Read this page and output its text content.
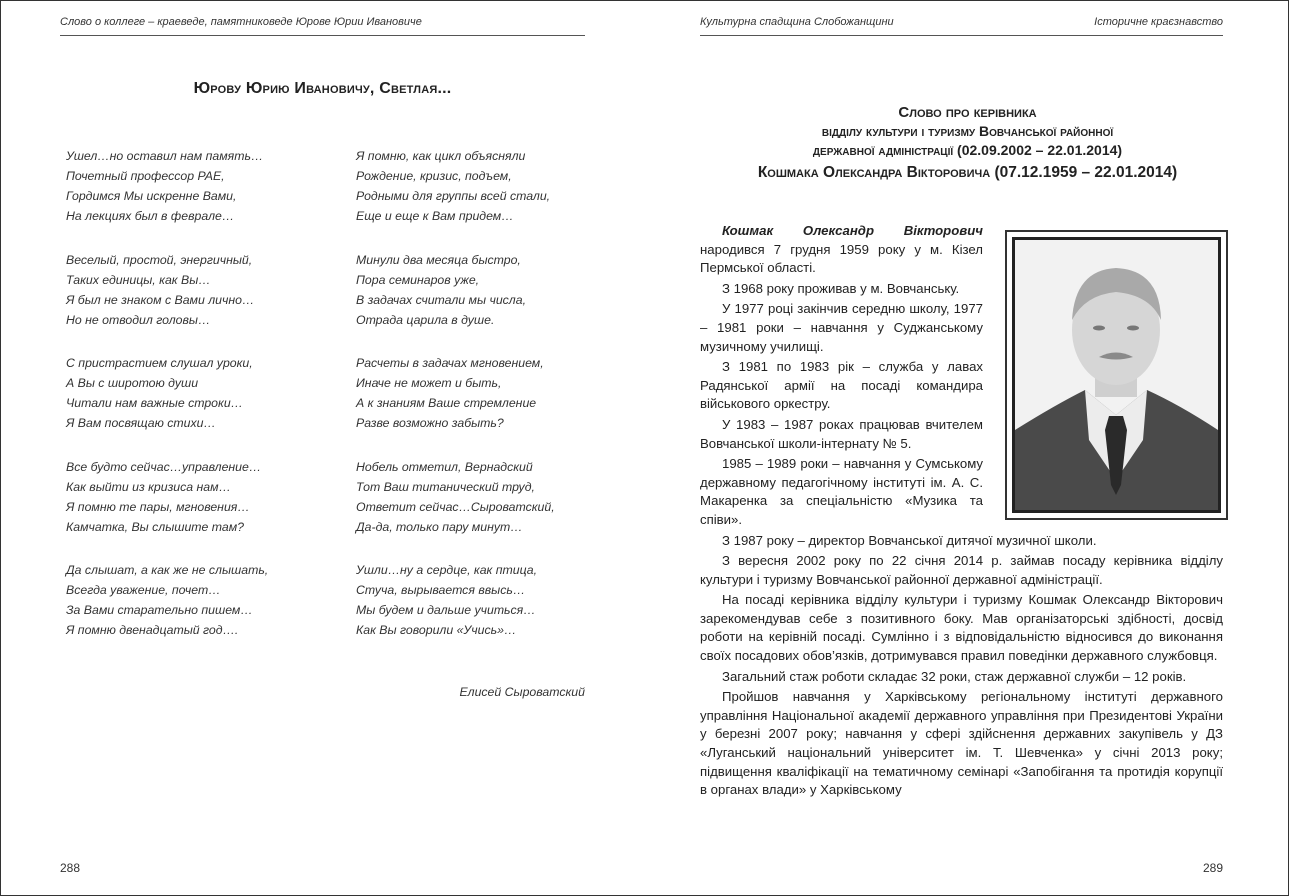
Слово о коллеге – краеведе, памятниковеде Юрове Юрии Ивановиче
Юрову Юрию Ивановичу, Светлая...
Ушел…но оставил нам память…
Почетный профессор РАЕ,
Гордимся Мы искренне Вами,
На лекциях был в феврале…
Веселый, простой, энергичный,
Таких единицы, как Вы…
Я был не знаком с Вами лично…
Но не отводил головы…
С пристрастием слушал уроки,
А Вы с широтою души
Читали нам важные строки…
Я Вам посвящаю стихи…
Все будто сейчас…управление…
Как выйти из кризиса нам…
Я помню те пары, мгновения…
Камчатка, Вы слышите там?
Да слышат, а как же не слышать,
Всегда уважение, почет…
За Вами старательно пишем…
Я помню двенадцатый год….
Я помню, как цикл объясняли
Рождение, кризис, подъем,
Родными для группы всей стали,
Еще и еще к Вам придем…
Минули два месяца быстро,
Пора семинаров уже,
В задачах считали мы числа,
Отрада царила в душе.
Расчеты в задачах мгновением,
Иначе не может и быть,
А к знаниям Ваше стремление
Разве возможно забыть?
Нобель отметил, Вернадский
Тот Ваш титанический труд,
Ответит сейчас…Сыроватский,
Да-да, только пару минут…
Ушли…ну а сердце, как птица,
Стуча, вырывается ввысь…
Мы будем и дальше учиться…
Как Вы говорили «Учись»…
Елисей Сыроватский
288
Культурна спадщина Слобожанщини	Історичне краєзнавство
Слово про керівника
відділу культури і туризму Вовчанської районної
державної адміністрації (02.09.2002 – 22.01.2014)
Кошмака Олександра Вікторовича (07.12.1959 – 22.01.2014)

Кошмак Олександр Вікторович народився 7 грудня 1959 року у м. Кізел Пермської області.

З 1968 року проживав у м. Вовчанську.

У 1977 році закінчив середню школу, 1977 – 1981 роки – навчання у Суджанському музичному училищі.

З 1981 по 1983 рік – служба у лавах Радянської армії на посаді командира військового оркестру.

У 1983 – 1987 роках працював вчителем Вовчанської школи-інтернату № 5.

1985 – 1989 роки – навчання у Сумському державному педагогічному інституті ім. А. С. Макаренка за спеціальністю «Музика та співи».

З 1987 року – директор Вовчанської дитячої музичної школи.

З вересня 2002 року по 22 січня 2014 р. займав посаду керівника відділу культури і туризму Вовчанської районної державної адміністрації.

На посаді керівника відділу культури і туризму Кошмак Олександр Вікторович зарекомендував себе з позитивного боку. Мав організаторські здібності, досвід роботи на керівній посаді. Сумлінно і з відповідальністю відносився до виконання своїх посадових обов’язків, дотримувався правил поведінки державного службовця.

Загальний стаж роботи складає 32 роки, стаж державної служби – 12 років.

Пройшов навчання у Харківському регіональному інституті державного управління Національної академії державного управління при Президентові України у березні 2007 року; навчання у сфері здійснення державних закупівель у ДЗ «Луганський національний університет ім. Т. Шевченка» у січні 2013 року; підвищення кваліфікації на тематичному семінарі «Запобігання та протидія корупції в органах влади» у Харківському

289
